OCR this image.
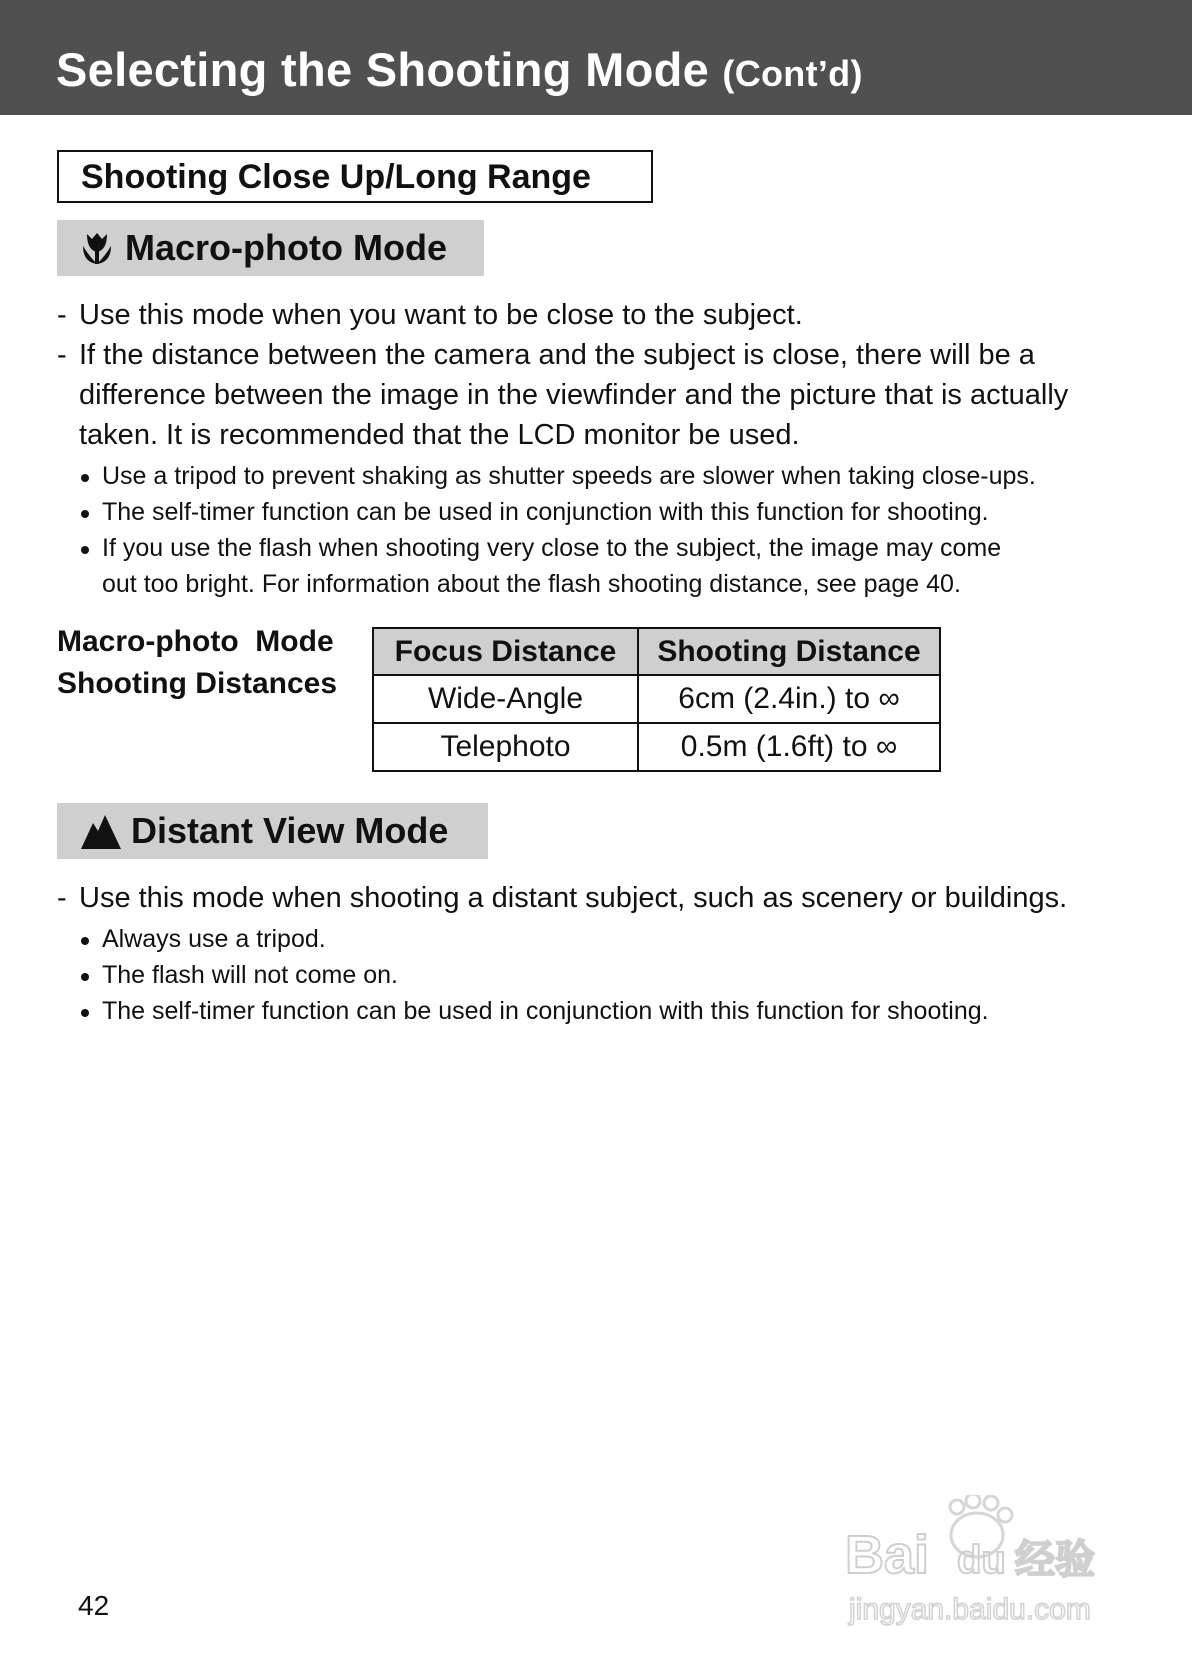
Selecting the Shooting Mode (Cont’d)
Shooting Close Up/Long Range
Macro-photo Mode
- Use this mode when you want to be close to the subject.
- If the distance between the camera and the subject is close, there will be a
difference between the image in the viewfinder and the picture that is actually
taken. It is recommended that the LCD monitor be used.
Use a tripod to prevent shaking as shutter speeds are slower when taking close-ups.
The self-timer function can be used in conjunction with this function for shooting.
If you use the flash when shooting very close to the subject, the image may come
out too bright. For information about the flash shooting distance, see page 40.
Macro-photo  Mode
Shooting Distances
Focus Distance	Shooting Distance
Wide-Angle	6cm (2.4in.) to ∞
Telephoto	0.5m (1.6ft) to ∞
Distant View Mode
- Use this mode when shooting a distant subject, such as scenery or buildings.
Always use a tripod.
The flash will not come on.
The self-timer function can be used in conjunction with this function for shooting.
42
Bai du 经验
jingyan.baidu.com
